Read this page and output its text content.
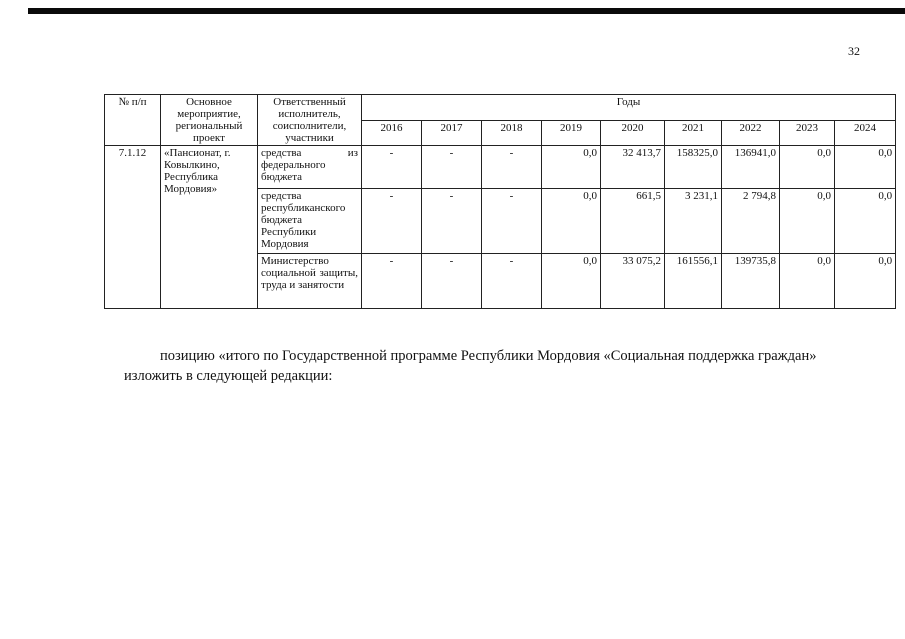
32
№ п/п	Основное мероприятие, региональный проект	Ответственный исполнитель, соисполнители, участники	Годы								
			2016	2017	2018	2019	2020	2021	2022	2023	2024
7.1.12	«Пансионат, г. Ковылкино, Республика Мордовия»	средства из федерального бюджета	-	-	-	0,0	32 413,7	158325,0	136941,0	0,0	0,0
		средства республиканского бюджета Республики Мордовия	-	-	-	0,0	661,5	3 231,1	2 794,8	0,0	0,0
		Министерство социальной защиты, труда и занятости	-	-	-	0,0	33 075,2	161556,1	139735,8	0,0	0,0
позицию «итого по Государственной программе Республики Мордовия «Социальная поддержка граждан»
изложить в следующей редакции:
